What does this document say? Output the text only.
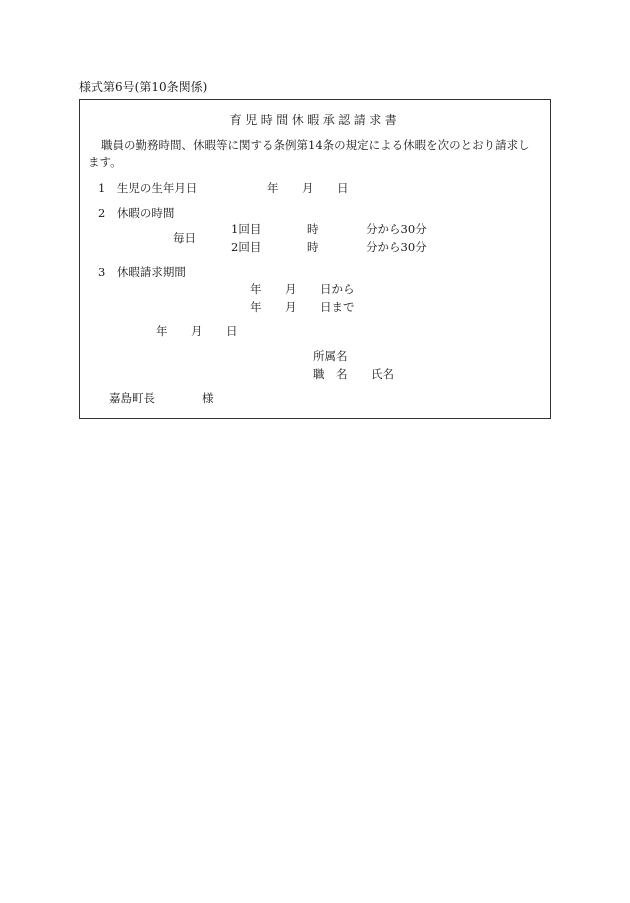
様式第6号(第10条関係)
育児時間休暇承認請求書
職員の勤務時間、休暇等に関する条例第14条の規定による休暇を次のとおり請求し
ます。
1　生児の生年月日	年 月 日
2　休暇の時間
毎日
1回目	時	分から30分
2回目	時	分から30分
3　休暇請求期間
年 月 日から
年 月 日まで
年 月 日
所属名
職　名 氏名
嘉島町長	様
